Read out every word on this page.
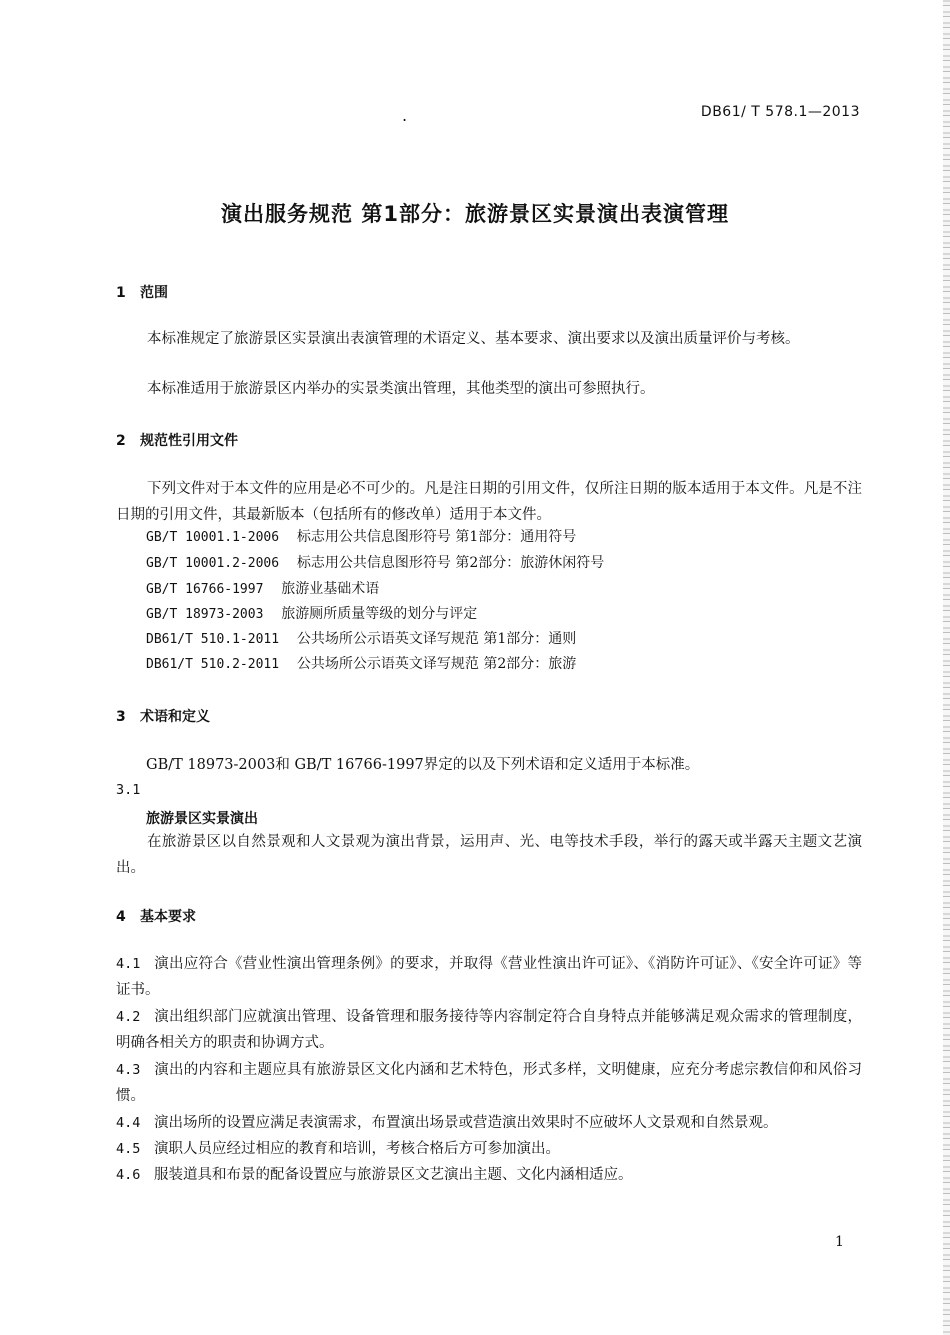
.	DB61/ T 578.1—2013
演出服务规范 第1部分：旅游景区实景演出表演管理
1 范围
本标准规定了旅游景区实景演出表演管理的术语定义、基本要求、演出要求以及演出质量评价与考核。
本标准适用于旅游景区内举办的实景类演出管理，其他类型的演出可参照执行。
2 规范性引用文件
下列文件对于本文件的应用是必不可少的。凡是注日期的引用文件，仅所注日期的版本适用于本文件。凡是不注日期的引用文件，其最新版本（包括所有的修改单）适用于本文件。
GB/T 10001.1-2006 标志用公共信息图形符号 第1部分：通用符号
GB/T 10001.2-2006 标志用公共信息图形符号 第2部分：旅游休闲符号
GB/T 16766-1997 旅游业基础术语
GB/T 18973-2003 旅游厕所质量等级的划分与评定
DB61/T 510.1-2011 公共场所公示语英文译写规范 第1部分：通则
DB61/T 510.2-2011 公共场所公示语英文译写规范 第2部分：旅游
3 术语和定义
GB/T 18973-2003和 GB/T 16766-1997界定的以及下列术语和定义适用于本标准。
3.1
旅游景区实景演出
在旅游景区以自然景观和人文景观为演出背景，运用声、光、电等技术手段，举行的露天或半露天主题文艺演出。
4 基本要求
4.1 演出应符合《营业性演出管理条例》的要求，并取得《营业性演出许可证》、《消防许可证》、《安全许可证》等证书。
4.2 演出组织部门应就演出管理、设备管理和服务接待等内容制定符合自身特点并能够满足观众需求的管理制度，明确各相关方的职责和协调方式。
4.3 演出的内容和主题应具有旅游景区文化内涵和艺术特色，形式多样，文明健康，应充分考虑宗教信仰和风俗习惯。
4.4 演出场所的设置应满足表演需求，布置演出场景或营造演出效果时不应破坏人文景观和自然景观。
4.5 演职人员应经过相应的教育和培训，考核合格后方可参加演出。
4.6 服装道具和布景的配备设置应与旅游景区文艺演出主题、文化内涵相适应。
1
